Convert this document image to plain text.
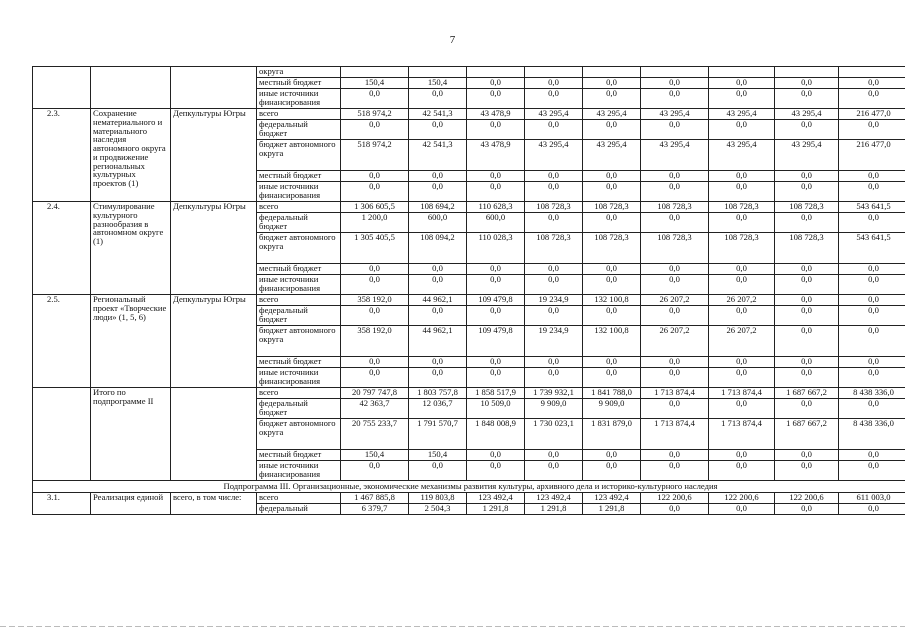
7
			округа									
			местный бюджет	150,4	150,4	0,0	0,0	0,0	0,0	0,0	0,0	0,0
			иные источники финансирования	0,0	0,0	0,0	0,0	0,0	0,0	0,0	0,0	0,0
2.3.	Сохранение нематериального и материального наследия автономного округа и продвижение региональных культурных проектов (1)	Депкультуры Югры	всего	518 974,2	42 541,3	43 478,9	43 295,4	43 295,4	43 295,4	43 295,4	43 295,4	216 477,0
			федеральный бюджет	0,0	0,0	0,0	0,0	0,0	0,0	0,0	0,0	0,0
			бюджет автономного округа	518 974,2	42 541,3	43 478,9	43 295,4	43 295,4	43 295,4	43 295,4	43 295,4	216 477,0
			местный бюджет	0,0	0,0	0,0	0,0	0,0	0,0	0,0	0,0	0,0
			иные источники финансирования	0,0	0,0	0,0	0,0	0,0	0,0	0,0	0,0	0,0
2.4.	Стимулирование культурного разнообразия в автономном округе (1)	Депкультуры Югры	всего	1 306 605,5	108 694,2	110 628,3	108 728,3	108 728,3	108 728,3	108 728,3	108 728,3	543 641,5
			федеральный бюджет	1 200,0	600,0	600,0	0,0	0,0	0,0	0,0	0,0	0,0
			бюджет автономного округа	1 305 405,5	108 094,2	110 028,3	108 728,3	108 728,3	108 728,3	108 728,3	108 728,3	543 641,5
			местный бюджет	0,0	0,0	0,0	0,0	0,0	0,0	0,0	0,0	0,0
			иные источники финансирования	0,0	0,0	0,0	0,0	0,0	0,0	0,0	0,0	0,0
2.5.	Региональный проект «Творческие люди» (1, 5, 6)	Депкультуры Югры	всего	358 192,0	44 962,1	109 479,8	19 234,9	132 100,8	26 207,2	26 207,2	0,0	0,0
			федеральный бюджет	0,0	0,0	0,0	0,0	0,0	0,0	0,0	0,0	0,0
			бюджет автономного округа	358 192,0	44 962,1	109 479,8	19 234,9	132 100,8	26 207,2	26 207,2	0,0	0,0
			местный бюджет	0,0	0,0	0,0	0,0	0,0	0,0	0,0	0,0	0,0
			иные источники финансирования	0,0	0,0	0,0	0,0	0,0	0,0	0,0	0,0	0,0
	Итого по подпрограмме II		всего	20 797 747,8	1 803 757,8	1 858 517,9	1 739 932,1	1 841 788,0	1 713 874,4	1 713 874,4	1 687 667,2	8 438 336,0
			федеральный бюджет	42 363,7	12 036,7	10 509,0	9 909,0	9 909,0	0,0	0,0	0,0	0,0
			бюджет автономного округа	20 755 233,7	1 791 570,7	1 848 008,9	1 730 023,1	1 831 879,0	1 713 874,4	1 713 874,4	1 687 667,2	8 438 336,0
			местный бюджет	150,4	150,4	0,0	0,0	0,0	0,0	0,0	0,0	0,0
			иные источники финансирования	0,0	0,0	0,0	0,0	0,0	0,0	0,0	0,0	0,0
Подпрограмма III. Организационные, экономические механизмы развития культуры, архивного дела и историко-культурного наследия												
3.1.	Реализация единой	всего, в том числе:	всего	1 467 885,8	119 803,8	123 492,4	123 492,4	123 492,4	122 200,6	122 200,6	122 200,6	611 003,0
			федеральный	6 379,7	2 504,3	1 291,8	1 291,8	1 291,8	0,0	0,0	0,0	0,0
